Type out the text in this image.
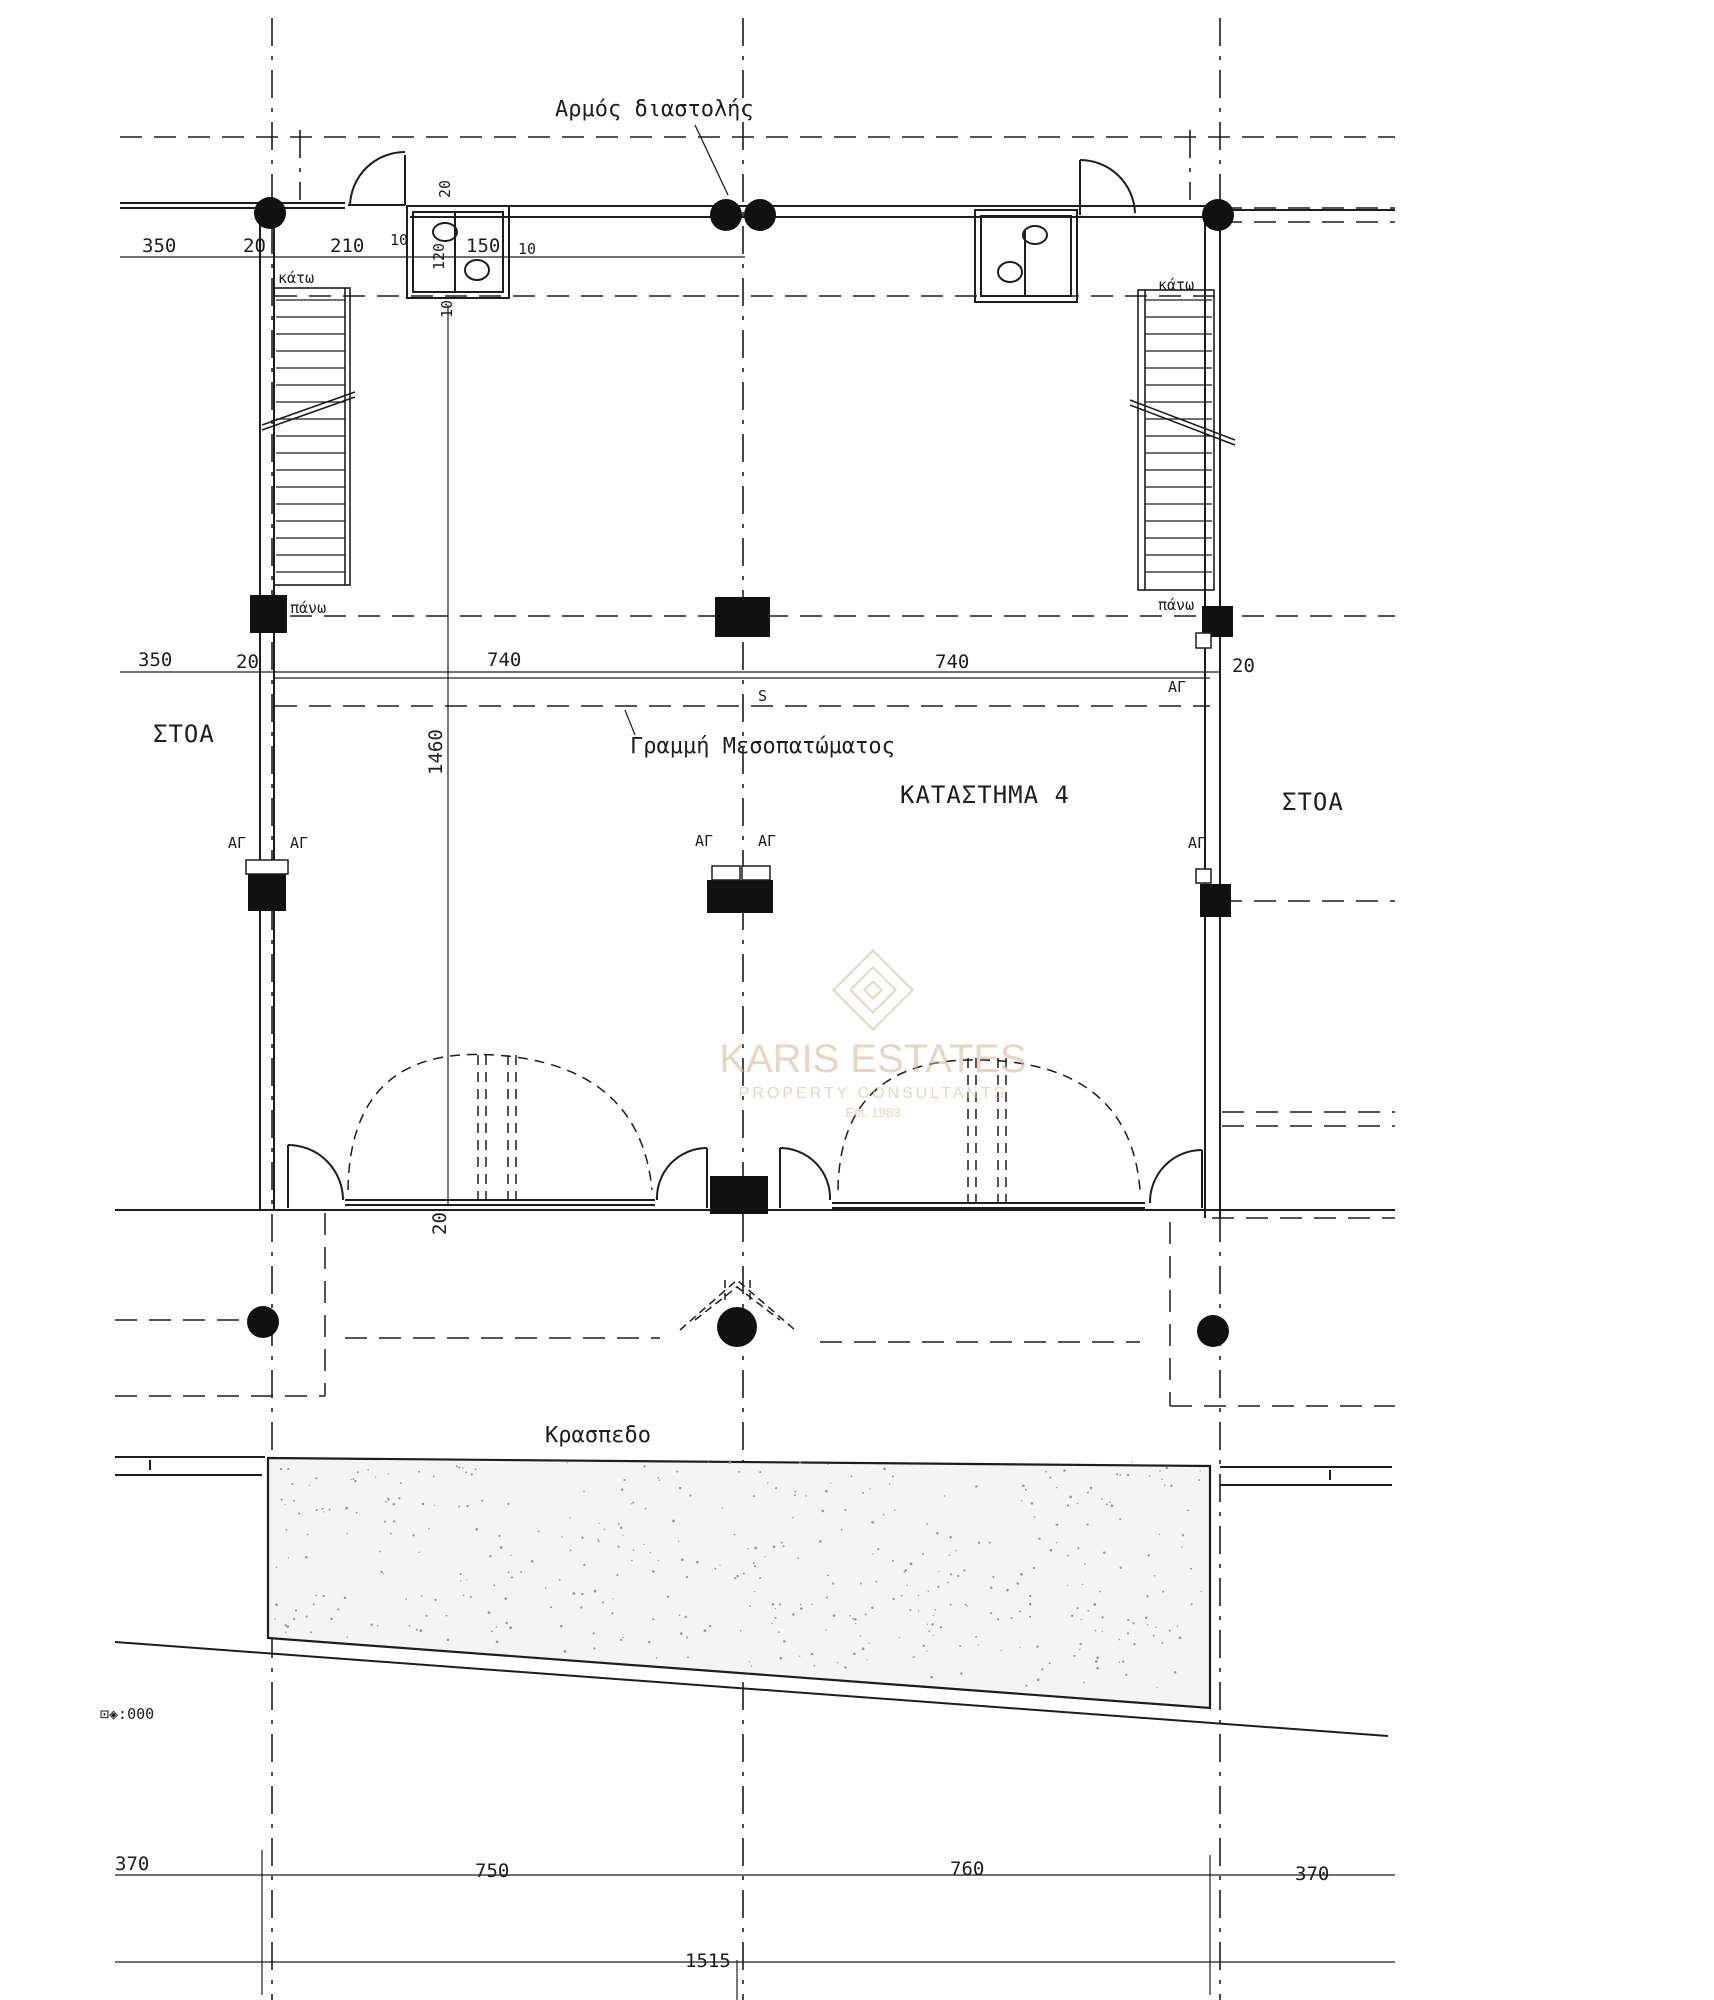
Αρμός διαστολής
κάτω	κάτω
πάνω	πάνω
Γραμμή Μεσοπατώματος
ΚΑΤΑΣΤΗΜΑ 4
ΣΤΟΑ
ΣΤΟΑ
Κρασπεδο
ΑΓ	ΑΓ	ΑΓ	ΑΓ	ΑΓ
ΑΓ
S
⊡◈:000
350	20	210 10	150 10
20
120
10
350	20	740	740	20
1460
20
370	750	760	370
1515
KARIS ESTATES
PROPERTY CONSULTANTS
Est. 1983
